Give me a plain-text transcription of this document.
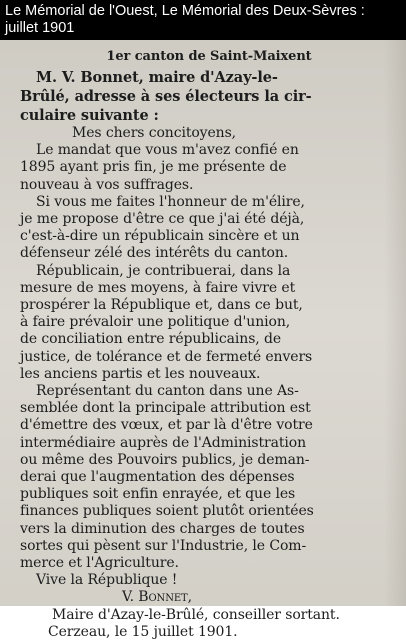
Le Mémorial de l'Ouest, Le Mémorial des Deux-Sèvres :
juillet 1901
1er canton de Saint-Maixent
M. V. Bonnet, maire d'Azay-le-
Brûlé, adresse à ses électeurs la cir-
culaire suivante :
Mes chers concitoyens,
Le mandat que vous m'avez confié en
1895 ayant pris fin, je me présente de
nouveau à vos suffrages.
Si vous me faites l'honneur de m'élire,
je me propose d'être ce que j'ai été déjà,
c'est-à-dire un républicain sincère et un
défenseur zélé des intérêts du canton.
Républicain, je contribuerai, dans la
mesure de mes moyens, à faire vivre et
prospérer la République et, dans ce but,
à faire prévaloir une politique d'union,
de conciliation entre républicains, de
justice, de tolérance et de fermeté envers
les anciens partis et les nouveaux.
Représentant du canton dans une As-
semblée dont la principale attribution est
d'émettre des vœux, et par là d'être votre
intermédiaire auprès de l'Administration
ou même des Pouvoirs publics, je deman-
derai que l'augmentation des dépenses
publiques soit enfin enrayée, et que les
finances publiques soient plutôt orientées
vers la diminution des charges de toutes
sortes qui pèsent sur l'Industrie, le Com-
merce et l'Agriculture.
Vive la République !
V. Bonnet,
Maire d'Azay-le-Brûlé, conseiller sortant.
Cerzeau, le 15 juillet 1901.
